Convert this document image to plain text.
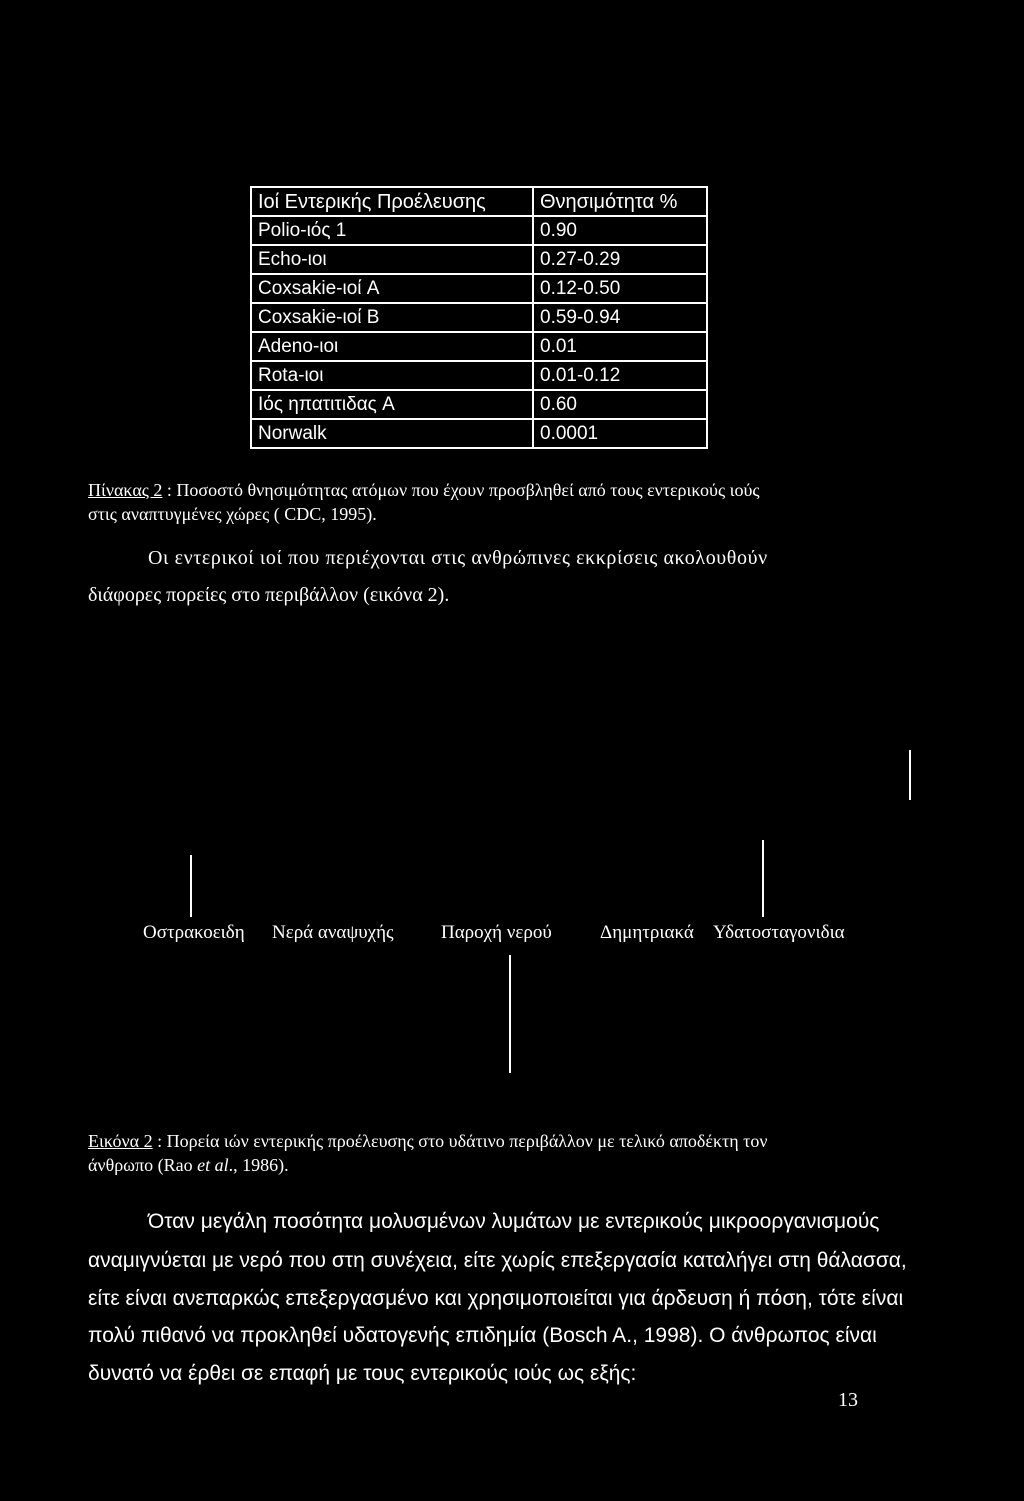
Ιοί Εντερικής Προέλευσης	Θνησιμότητα %
Polio-ιός 1	0.90
Echo-ιοι	0.27-0.29
Coxsakie-ιοί A	0.12-0.50
Coxsakie-ιοί B	0.59-0.94
Adeno-ιοι	0.01
Rota-ιοι	0.01-0.12
Ιός ηπατιτιδας A	0.60
Norwalk	0.0001
Πίνακας 2 : Ποσοστό θνησιμότητας ατόμων που έχουν προσβληθεί από τους εντερικούς ιούς
στις αναπτυγμένες χώρες ( CDC, 1995).
Οι εντερικοί ιοί που περιέχονται στις ανθρώπινες εκκρίσεις ακολουθούν
διάφορες πορείες στο περιβάλλον (εικόνα 2).
Οστρακοειδη Νερά αναψυχής Παροχή νερού	Δημητριακά Υδατοσταγονιδια
Εικόνα 2 : Πορεία ιών εντερικής προέλευσης στο υδάτινο περιβάλλον με τελικό αποδέκτη τον
άνθρωπο (Rao et al., 1986).
Όταν μεγάλη ποσότητα μολυσμένων λυμάτων με εντερικούς μικροοργανισμούς
αναμιγνύεται με νερό που στη συνέχεια, είτε χωρίς επεξεργασία καταλήγει στη θάλασσα,
είτε είναι ανεπαρκώς επεξεργασμένο και χρησιμοποιείται για άρδευση ή πόση, τότε είναι
πολύ πιθανό να προκληθεί υδατογενής επιδημία (Bosch A., 1998). Ο άνθρωπος είναι
δυνατό να έρθει σε επαφή με τους εντερικούς ιούς ως εξής:
13
